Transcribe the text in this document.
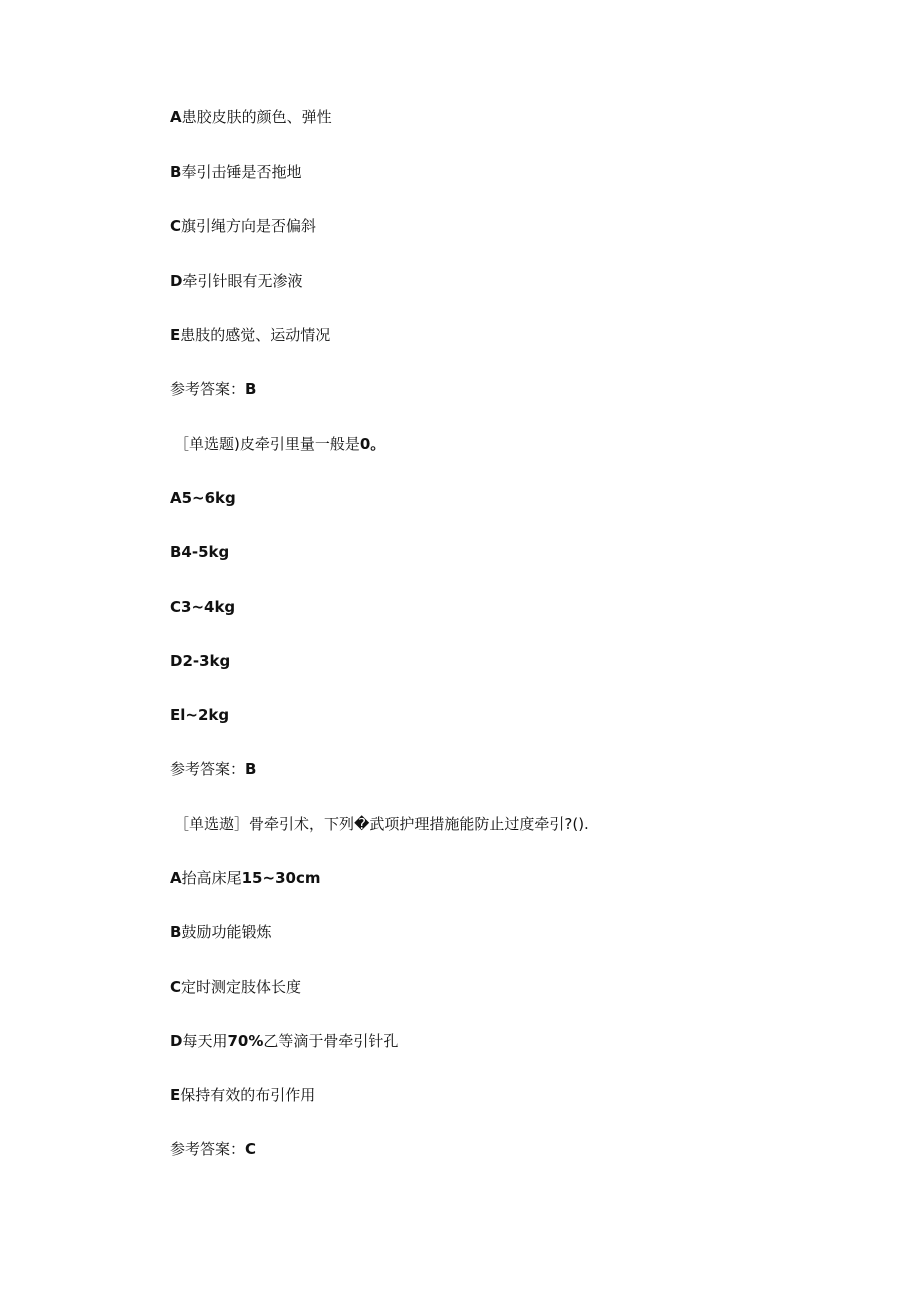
A患胶皮肤的颜色、弹性
B奉引击锤是否拖地
C旗引绳方向是否偏斜
D牵引针眼有无渗液
E患肢的感觉、运动情况
参考答案：B
［单选题)皮牵引里量一般是0。
A5~6kg
B4-5kg
C3~4kg
D2-3kg
El~2kg
参考答案：B
［单选遨］骨牵引术，下列�武项护理措施能防止过度牵引?().
A抬高床尾15~30cm
B鼓励功能锻炼
C定时测定肢体长度
D每天用70%乙等滴于骨牵引针孔
E保持有效的布引作用
参考答案：C
